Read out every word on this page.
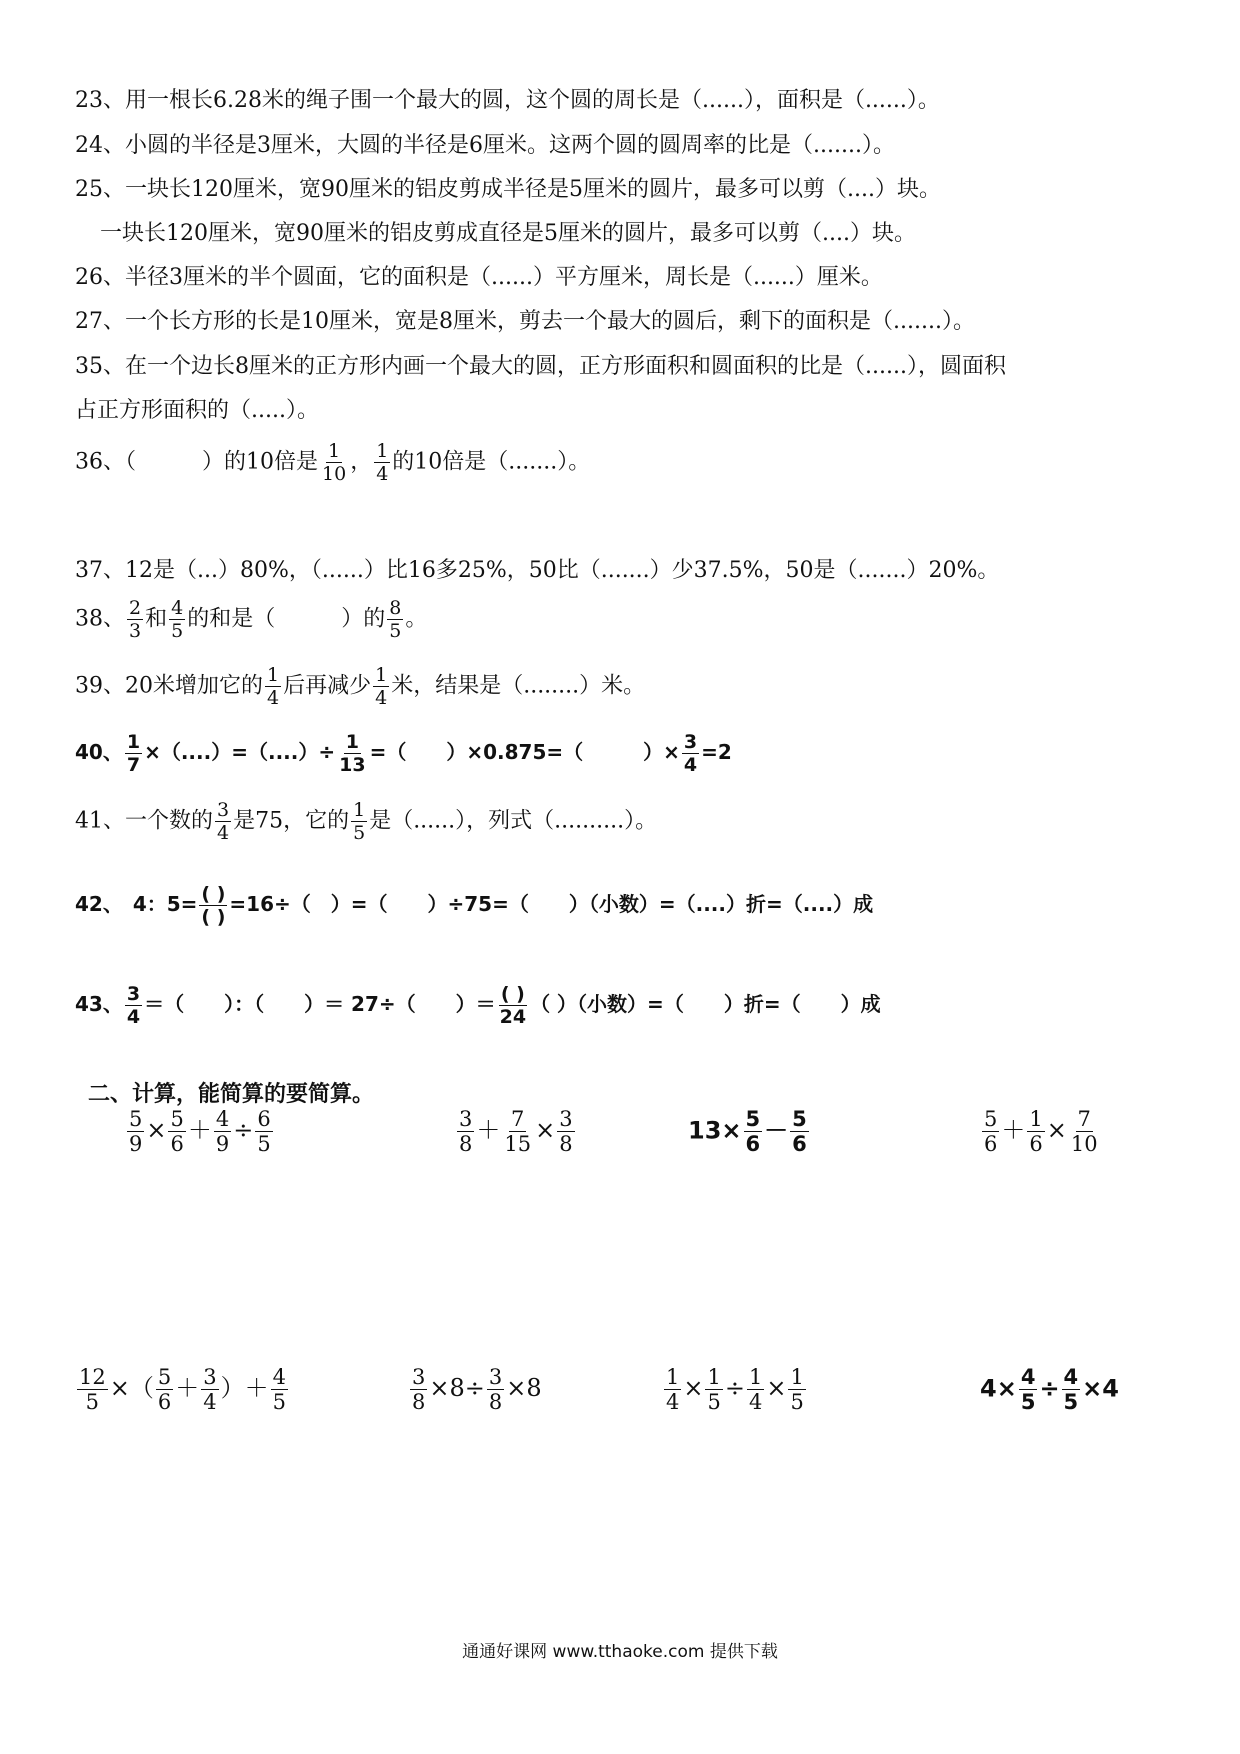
23、用一根长6.28米的绳子围一个最大的圆，这个圆的周长是（......），面积是（......）。
24、小圆的半径是3厘米，大圆的半径是6厘米。这两个圆的圆周率的比是（.......）。
25、一块长120厘米，宽90厘米的铝皮剪成半径是5厘米的圆片，最多可以剪（....）块。
一块长120厘米，宽90厘米的铝皮剪成直径是5厘米的圆片，最多可以剪（....）块。
26、半径3厘米的半个圆面，它的面积是（......）平方厘米，周长是（......）厘米。
27、一个长方形的长是10厘米，宽是8厘米，剪去一个最大的圆后，剩下的面积是（.......）。
35、在一个边长8厘米的正方形内画一个最大的圆，正方形面积和圆面积的比是（......），圆面积
占正方形面积的（.....）。
36、（　　　）的10倍是 $\frac{1}{10}$ ， $\frac{1}{4}$ 的10倍是（.......）。
37、12是（...）80%，（......）比16多25%，50比（.......）少37.5%，50是（.......）20%。
38、 $\frac{2}{3}$ 和 $\frac{4}{5}$ 的和是（　　　）的 $\frac{8}{5}$ 。
39、20米增加它的 $\frac{1}{4}$ 后再减少 $\frac{1}{4}$ 米，结果是（........）米。
40、 $\frac{1}{7}$ ×（....）=（....）÷ $\frac{1}{13}$ =（　　）×0.875=（　　　）× $\frac{3}{4} =2$
41、一个数的 $\frac{3}{4}$ 是75，它的 $\frac{1}{5}$ 是（......），列式（..........）。
42、　4：$5= \frac{( )}{( )} =16\div$（　）=（　　）÷75=（　　）（小数）=（....）折=（....）成
43、 $\frac{3}{4}$ ＝（　　）：（　　）＝ 27÷（　　）＝ $\frac{( )}{24}$ （ ）（小数）=（　　）折=（　　）成
二、计算，能简算的要简算。
$\frac{5}{9} \times \frac{5}{6} + \frac{4}{9} \div \frac{6}{5}$	$\frac{3}{8} + \frac{7}{15} \times \frac{3}{8}$	$13\times \frac{5}{6} - \frac{5}{6}$	$\frac{5}{6} + \frac{1}{6} \times \frac{7}{10}$
$\frac{12}{5}$ ×（ $\frac{5}{6} + \frac{3}{4}$ ）＋ $\frac{4}{5}$	$\frac{3}{8} \times 8\div \frac{3}{8} \times 8$	$\frac{1}{4} \times \frac{1}{5} \div \frac{1}{4} \times \frac{1}{5}$	$4\times \frac{4}{5} \div \frac{4}{5} \times 4$
通通好课网 www.tthaoke.com 提供下载
